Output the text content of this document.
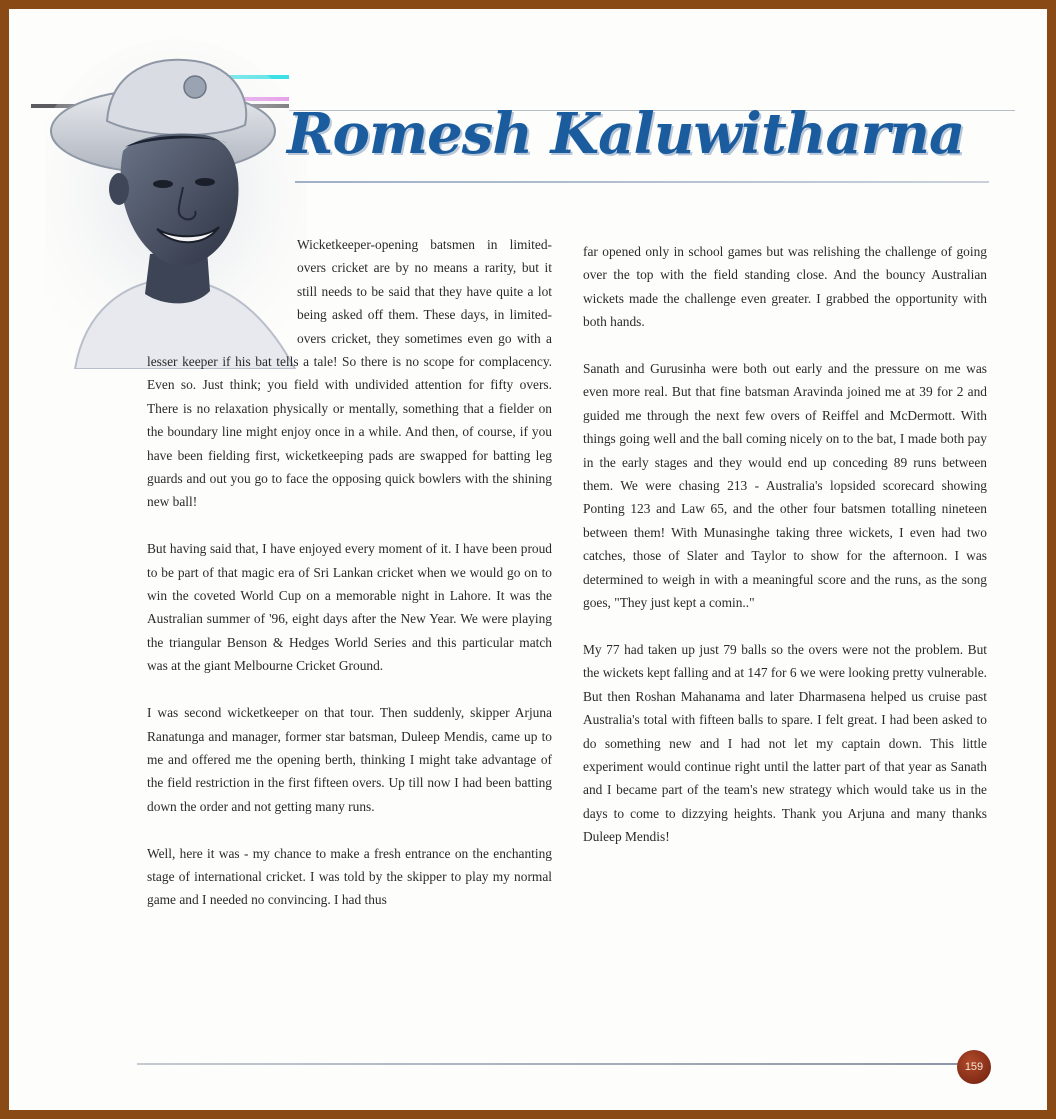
Romesh Kaluwitharna

Wicketkeeper-opening batsmen in limited-overs cricket are by no means a rarity, but it still needs to be said that they have quite a lot being asked off them. These days, in limited-overs cricket, they sometimes even go with a lesser keeper if his bat tells a tale! So there is no scope for complacency. Even so. Just think; you field with undivided attention for fifty overs. There is no relaxation physically or mentally, something that a fielder on the boundary line might enjoy once in a while. And then, of course, if you have been fielding first, wicketkeeping pads are swapped for batting leg guards and out you go to face the opposing quick bowlers with the shining new ball!

But having said that, I have enjoyed every moment of it. I have been proud to be part of that magic era of Sri Lankan cricket when we would go on to win the coveted World Cup on a memorable night in Lahore. It was the Australian summer of '96, eight days after the New Year. We were playing the triangular Benson & Hedges World Series and this particular match was at the giant Melbourne Cricket Ground.

I was second wicketkeeper on that tour. Then suddenly, skipper Arjuna Ranatunga and manager, former star batsman, Duleep Mendis, came up to me and offered me the opening berth, thinking I might take advantage of the field restriction in the first fifteen overs. Up till now I had been batting down the order and not getting many runs.

Well, here it was - my chance to make a fresh entrance on the enchanting stage of international cricket. I was told by the skipper to play my normal game and I needed no convincing. I had thus

far opened only in school games but was relishing the challenge of going over the top with the field standing close. And the bouncy Australian wickets made the challenge even greater. I grabbed the opportunity with both hands.

Sanath and Gurusinha were both out early and the pressure on me was even more real. But that fine batsman Aravinda joined me at 39 for 2 and guided me through the next few overs of Reiffel and McDermott. With things going well and the ball coming nicely on to the bat, I made both pay in the early stages and they would end up conceding 89 runs between them. We were chasing 213 - Australia's lopsided scorecard showing Ponting 123 and Law 65, and the other four batsmen totalling nineteen between them! With Munasinghe taking three wickets, I even had two catches, those of Slater and Taylor to show for the afternoon. I was determined to weigh in with a meaningful score and the runs, as the song goes, "They just kept a comin.."

My 77 had taken up just 79 balls so the overs were not the problem. But the wickets kept falling and at 147 for 6 we were looking pretty vulnerable. But then Roshan Mahanama and later Dharmasena helped us cruise past Australia's total with fifteen balls to spare. I felt great. I had been asked to do something new and I had not let my captain down. This little experiment would continue right until the latter part of that year as Sanath and I became part of the team's new strategy which would take us in the days to come to dizzying heights. Thank you Arjuna and many thanks Duleep Mendis!

159
